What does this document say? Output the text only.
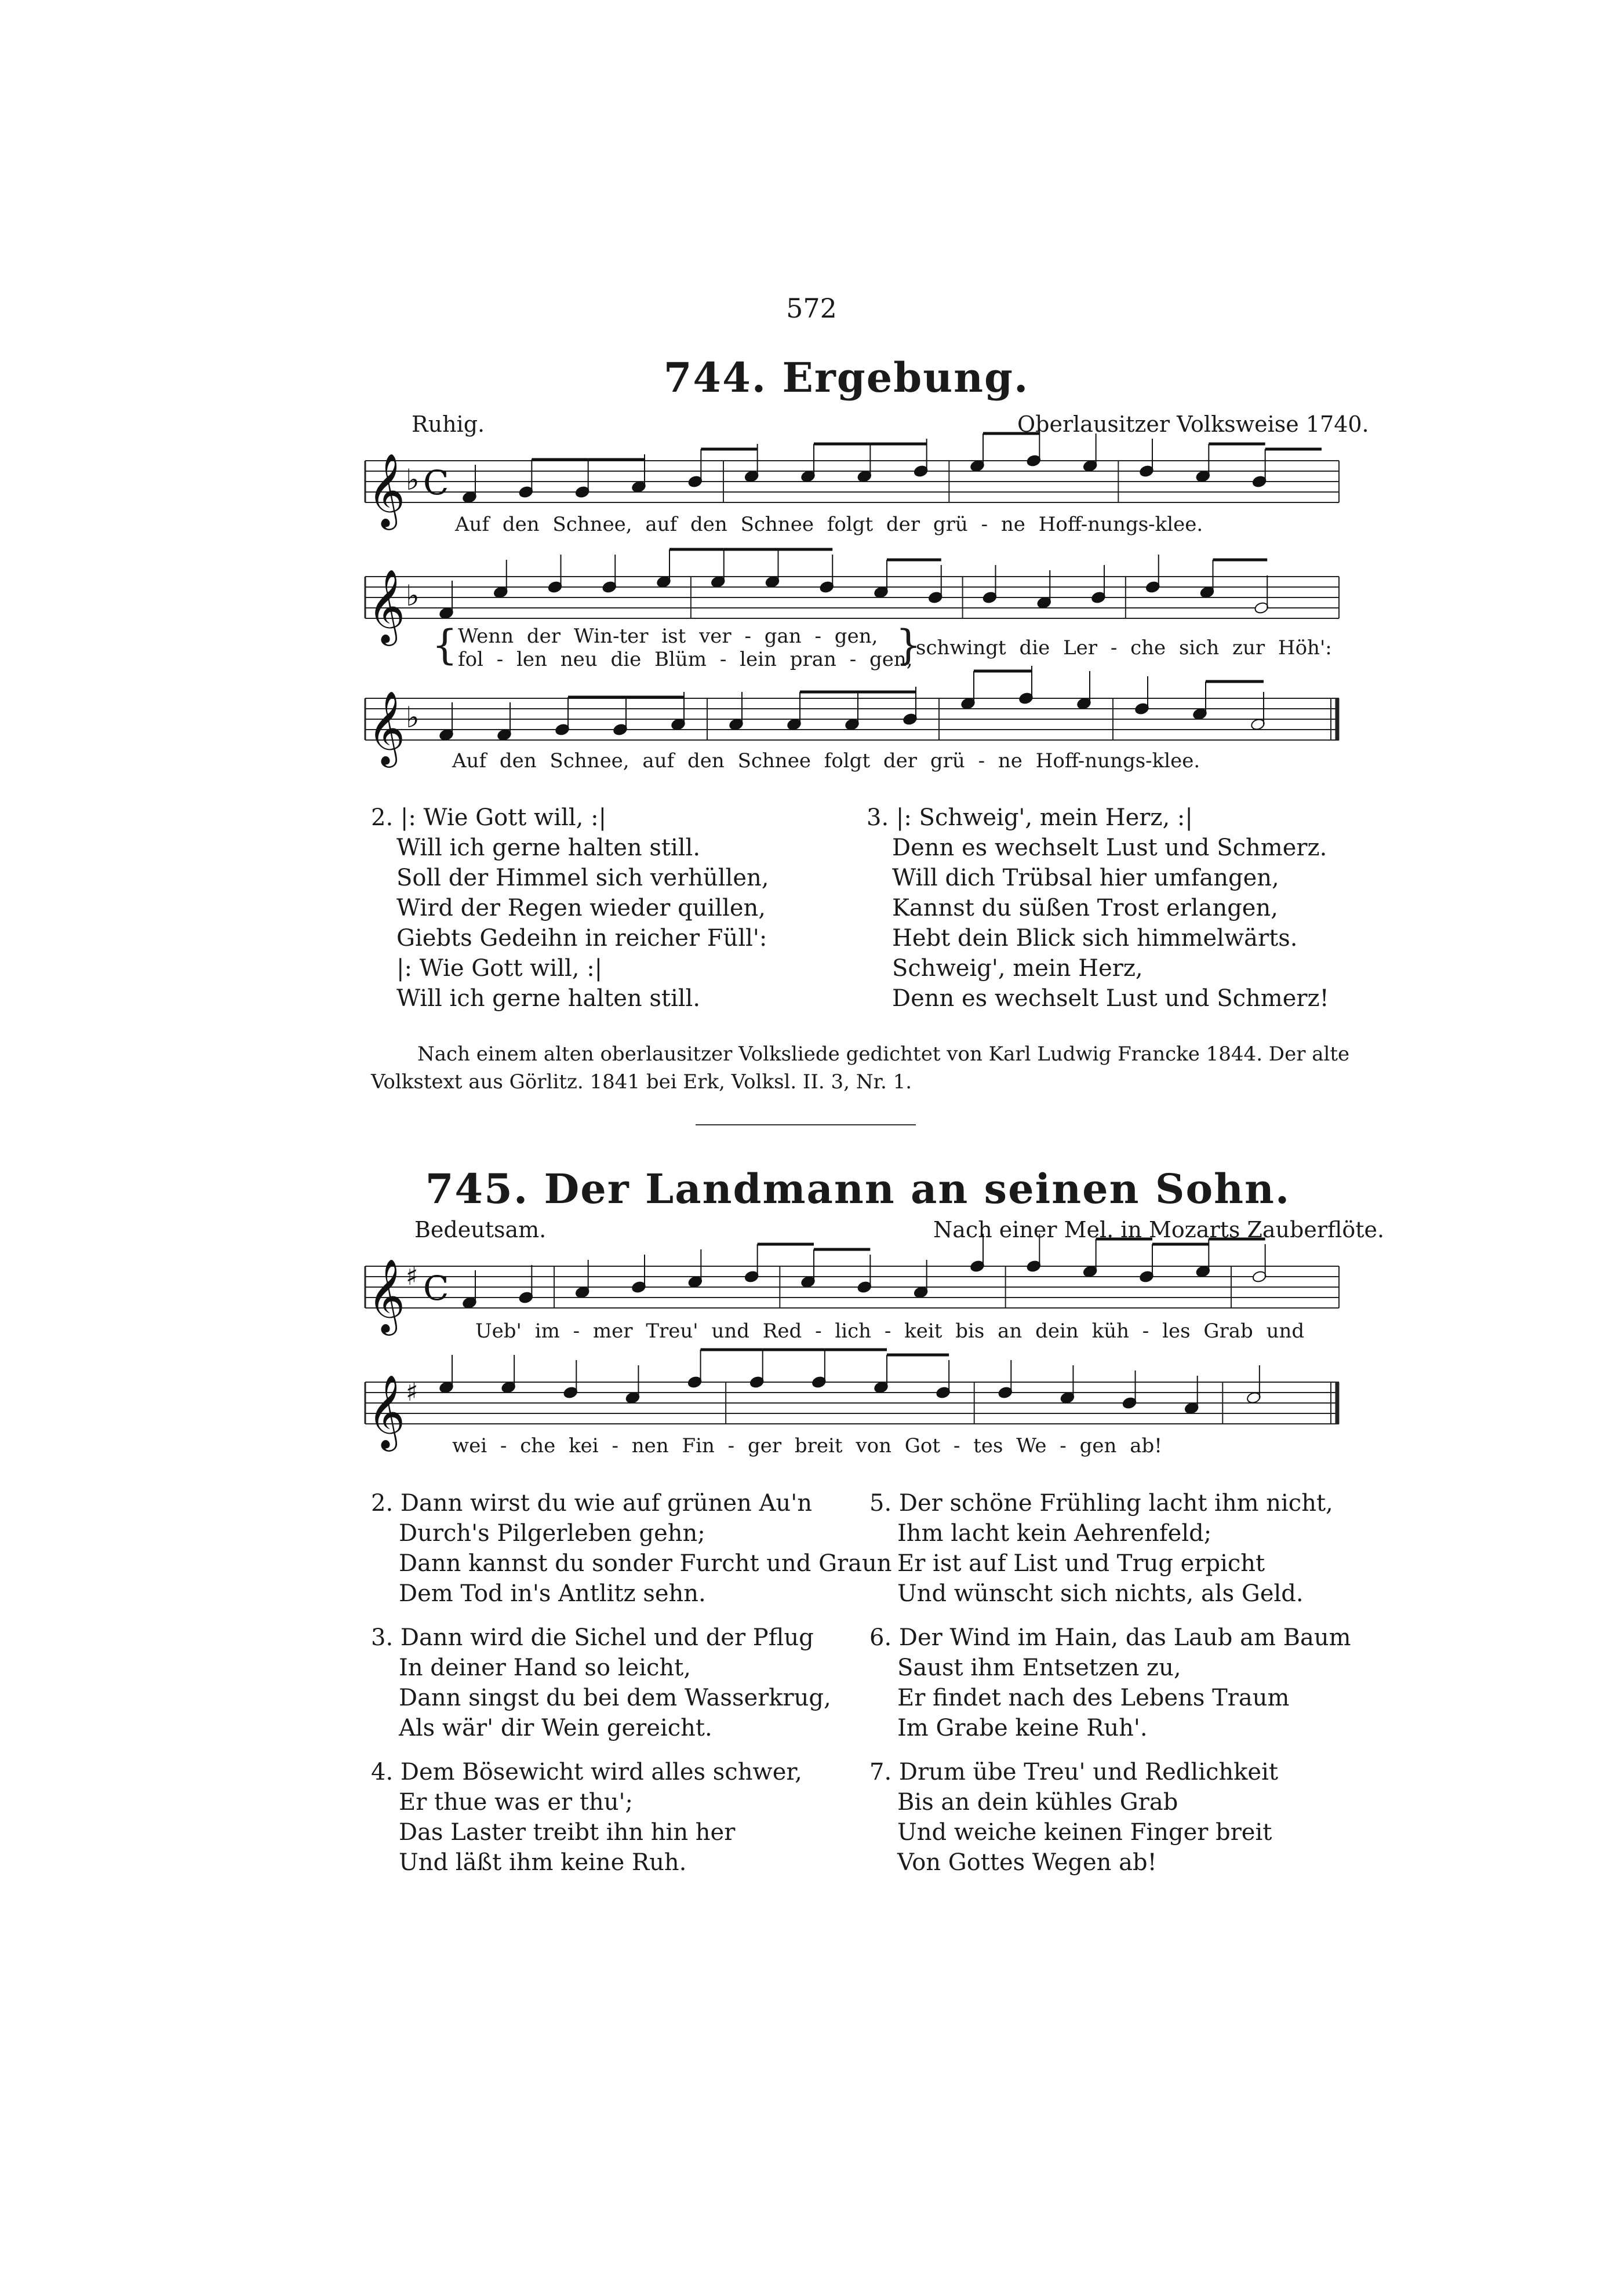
572
744. Ergebung.
Ruhig.	Oberlausitzer Volksweise 1740.
𝄞 ♭ C
Auf den Schnee, auf den Schnee folgt der grü - ne Hoff-nungs-klee.
𝄞 ♭
{ Wenn der Win-ter ist ver - gan - gen,
fol - len neu die Blüm - lein pran - gen,
}
schwingt die Ler - che sich zur Höh':
𝄞 ♭
Auf den Schnee, auf den Schnee folgt der grü - ne Hoff-nungs-klee.
2. |: Wie Gott will, :|
Will ich gerne halten still.
Soll der Himmel sich verhüllen,
Wird der Regen wieder quillen,
Giebts Gedeihn in reicher Füll':
|: Wie Gott will, :|
Will ich gerne halten still.
3. |: Schweig', mein Herz, :|
Denn es wechselt Lust und Schmerz.
Will dich Trübsal hier umfangen,
Kannst du süßen Trost erlangen,
Hebt dein Blick sich himmelwärts.
Schweig', mein Herz,
Denn es wechselt Lust und Schmerz!
Nach einem alten oberlausitzer Volksliede gedichtet von Karl Ludwig Francke 1844. Der alte
Volkstext aus Görlitz. 1841 bei Erk, Volksl. II. 3, Nr. 1.
745. Der Landmann an seinen Sohn.
Bedeutsam.	Nach einer Mel. in Mozarts Zauberflöte.
𝄞 ♯ C
Ueb' im - mer Treu' und Red - lich - keit bis an dein küh - les Grab und
𝄞 ♯
wei - che kei - nen Fin - ger breit von Got - tes We - gen ab!
2. Dann wirst du wie auf grünen Au'n
Durch's Pilgerleben gehn;
Dann kannst du sonder Furcht und Graun
Dem Tod in's Antlitz sehn.
3. Dann wird die Sichel und der Pflug
In deiner Hand so leicht,
Dann singst du bei dem Wasserkrug,
Als wär' dir Wein gereicht.
4. Dem Bösewicht wird alles schwer,
Er thue was er thu';
Das Laster treibt ihn hin her
Und läßt ihm keine Ruh.
5. Der schöne Frühling lacht ihm nicht,
Ihm lacht kein Aehrenfeld;
Er ist auf List und Trug erpicht
Und wünscht sich nichts, als Geld.
6. Der Wind im Hain, das Laub am Baum
Saust ihm Entsetzen zu,
Er findet nach des Lebens Traum
Im Grabe keine Ruh'.
7. Drum übe Treu' und Redlichkeit
Bis an dein kühles Grab
Und weiche keinen Finger breit
Von Gottes Wegen ab!
